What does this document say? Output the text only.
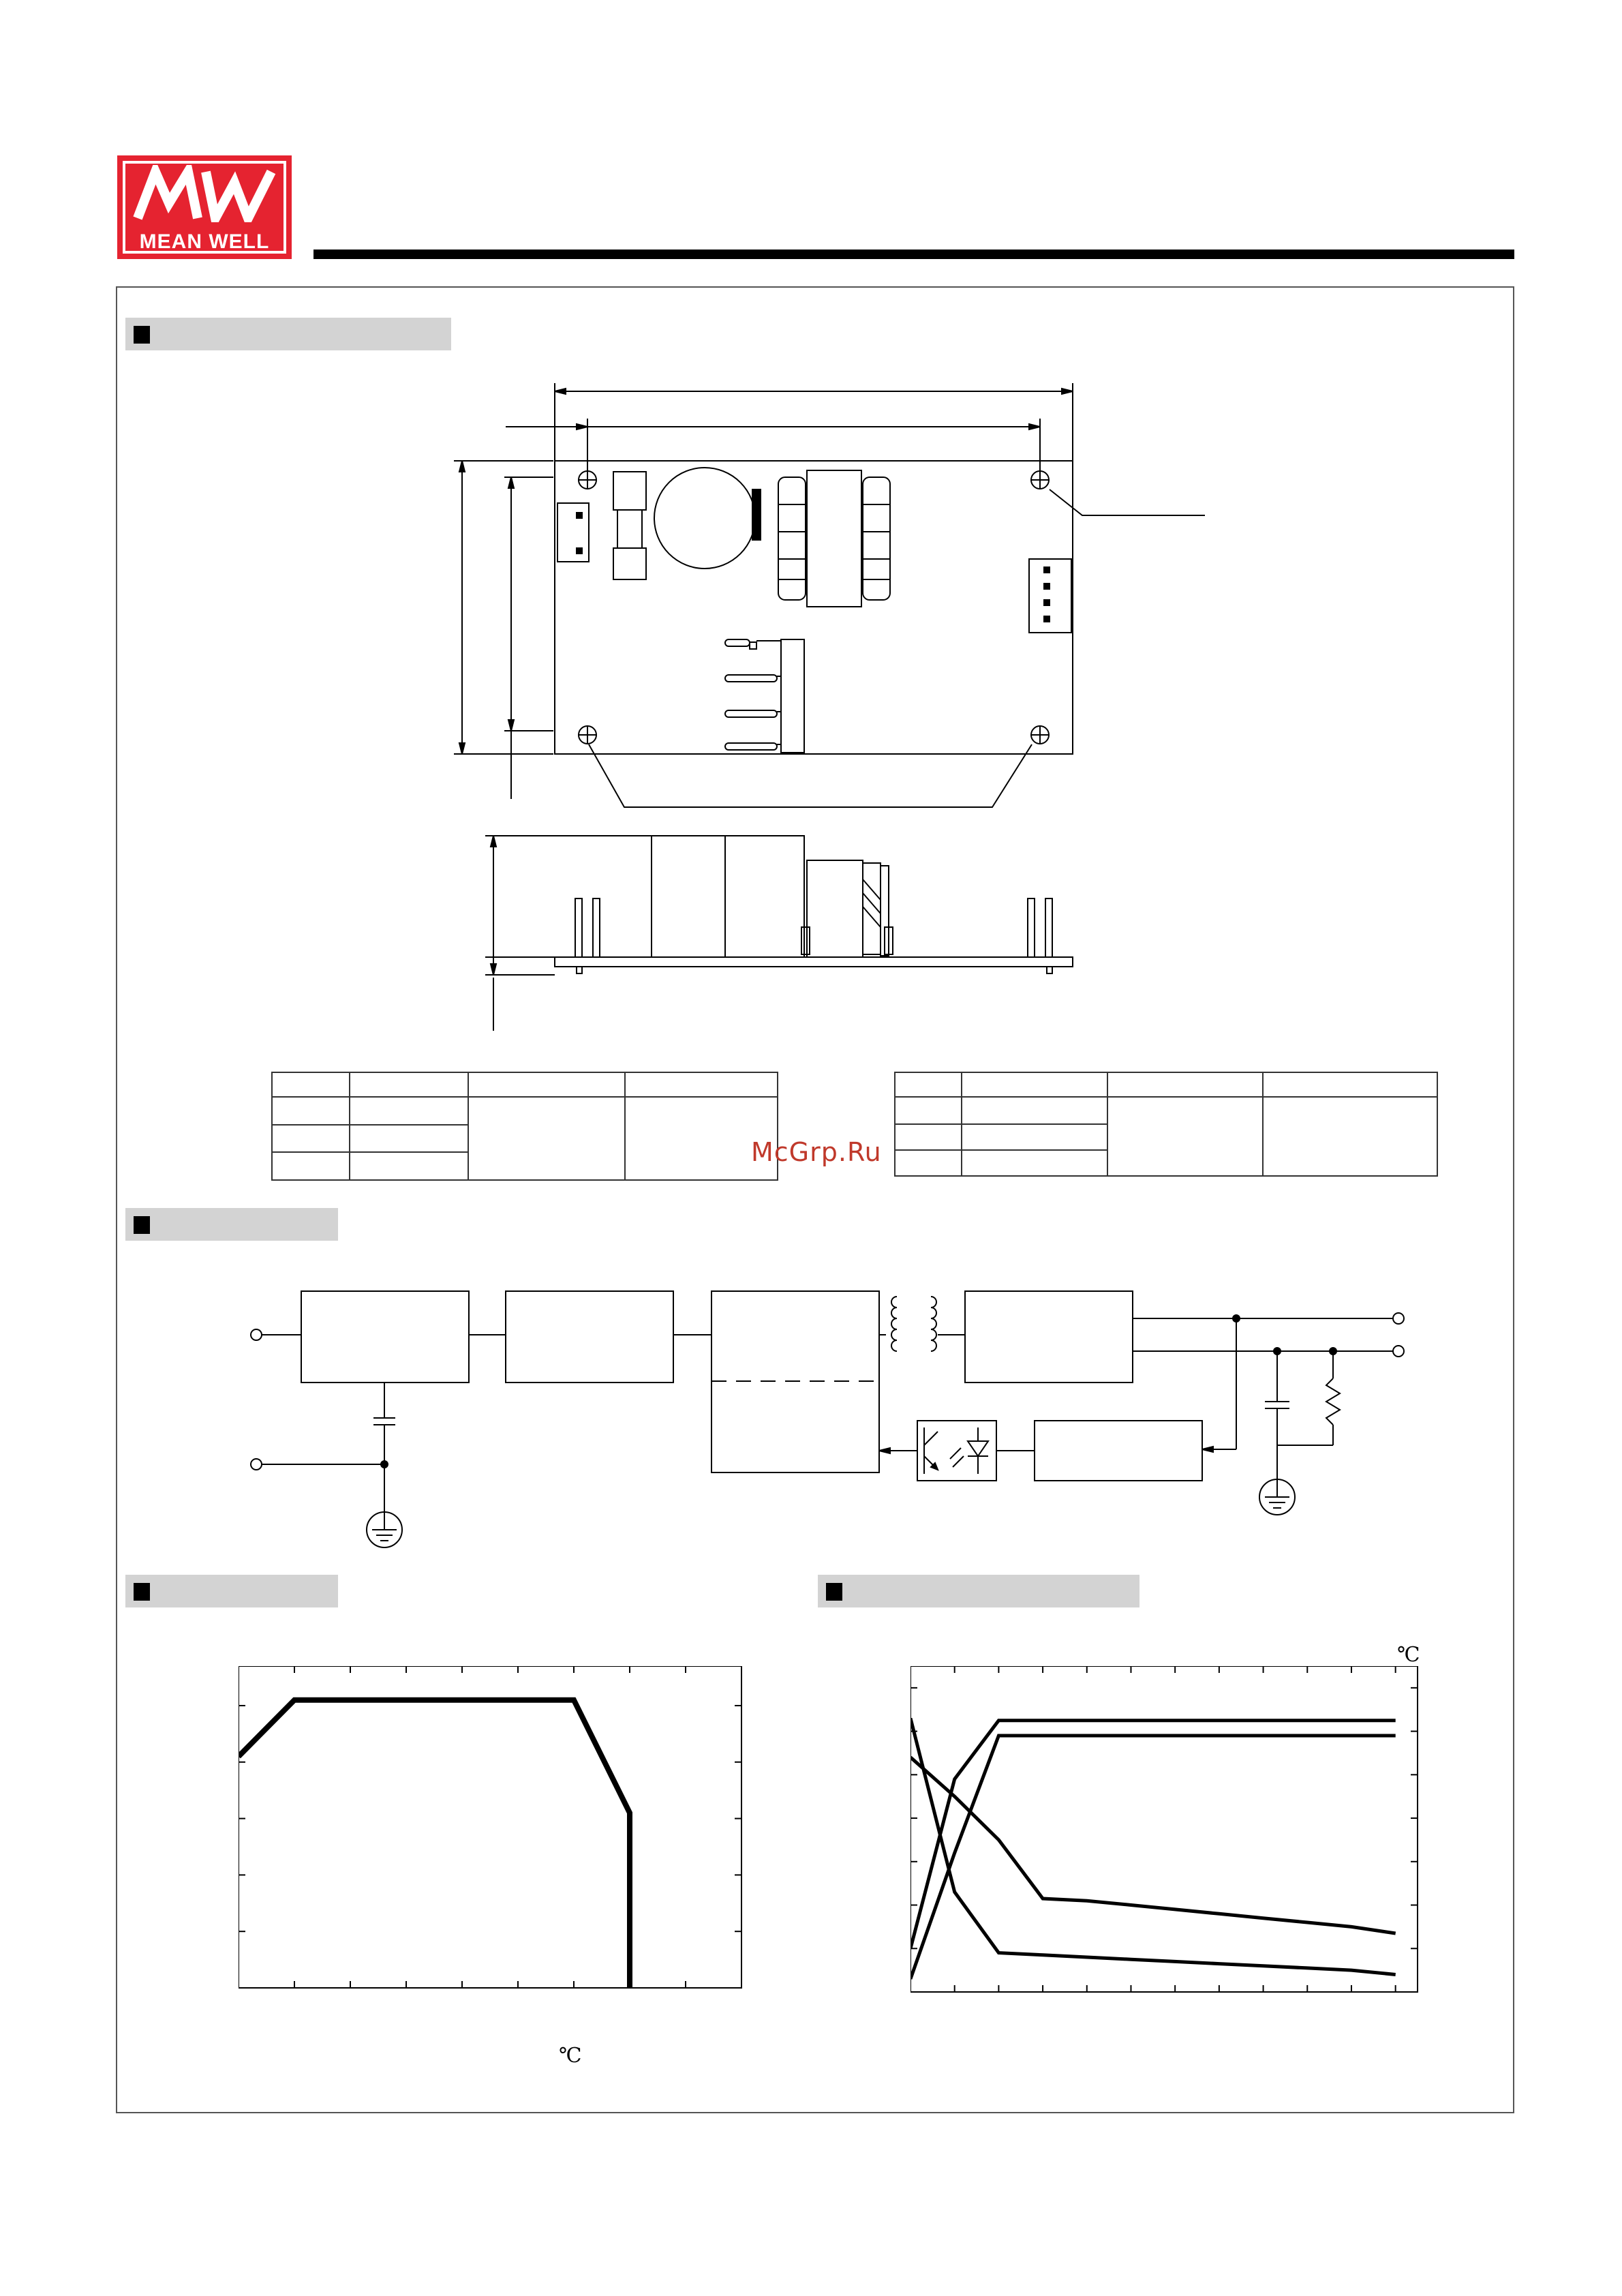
MEAN WELL

McGrp.Ru
℃
℃
